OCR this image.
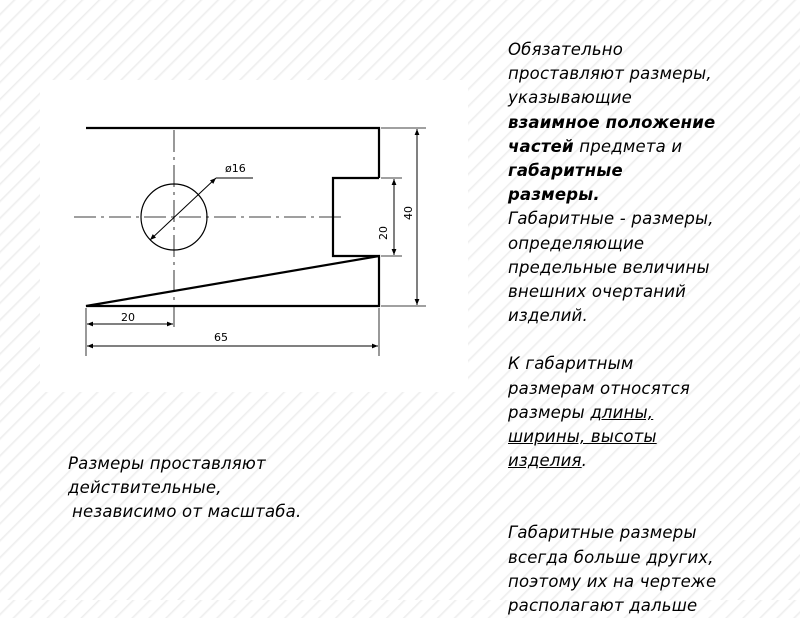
ø16
40
20
20
65

Обязательно
проставляют размеры,
указывающие
взаимное положение
частей предмета и
габаритные
размеры.

Габаритные - размеры,
определяющие
предельные величины
внешних очертаний
изделий.

К габаритным
размерам относятся
размеры длины,
ширины, высоты
изделия.

Габаритные размеры
всегда больше других,
поэтому их на чертеже
располагают дальше

Размеры проставляют
действительные,
независимо от масштаба.
